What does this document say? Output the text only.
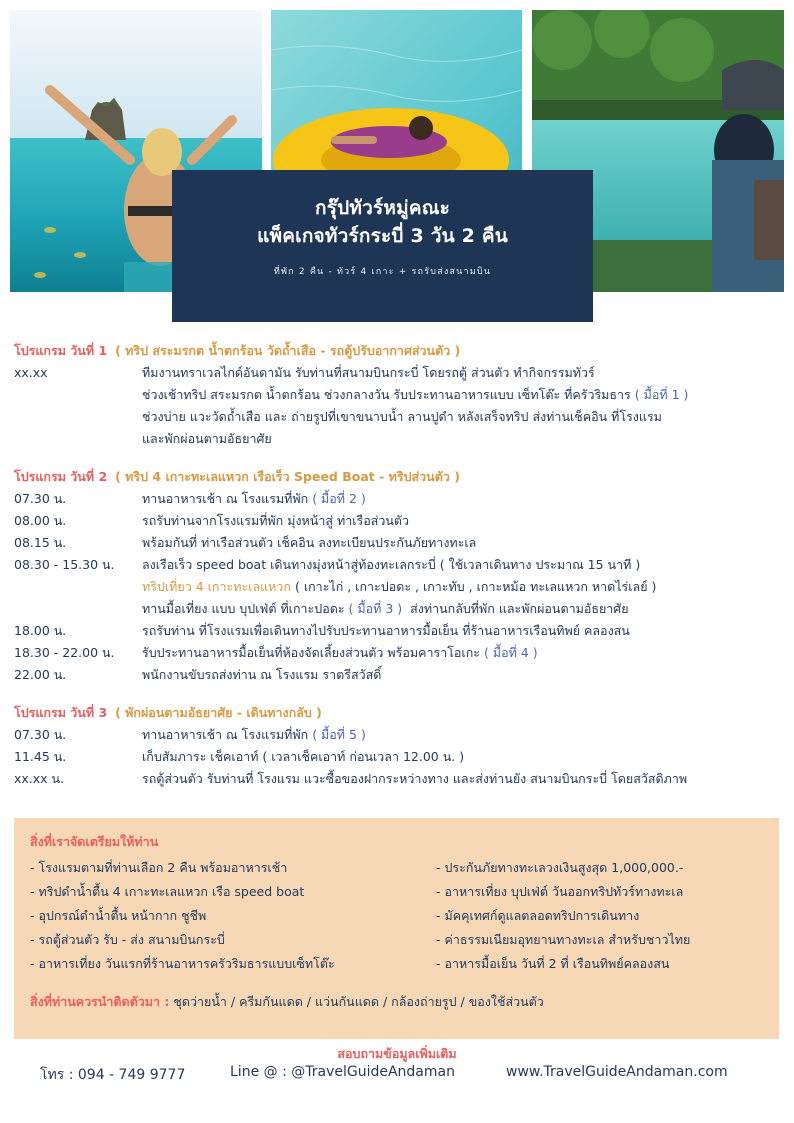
กรุ๊ปทัวร์หมู่คณะ
แพ็คเกจทัวร์กระบี่ 3 วัน 2 คืน
ที่พัก 2 คืน - ทัวร์ 4 เกาะ + รถรับส่งสนามบิน
โปรแกรม วันที่ 1 ( ทริป สระมรกต น้ำตกร้อน วัดถ้ำเสือ - รถตู้ปรับอากาศส่วนตัว )
xx.xx	ทีมงานทราเวลไกด์อันดามัน รับท่านที่สนามบินกระบี่ โดยรถตู้ ส่วนตัว ทำกิจกรรมทัวร์
ช่วงเช้าทริป สระมรกต น้ำตกร้อน ช่วงกลางวัน รับประทานอาหารแบบ เซ็ทโต๊ะ ที่ครัวริมธาร ( มื้อที่ 1 )
ช่วงบ่าย แวะวัดถ้ำเสือ และ ถ่ายรูปที่เขาขนาบน้ำ ลานปูดำ หลังเสร็จทริป ส่งท่านเช็คอิน ที่โรงแรม
และพักผ่อนตามอัธยาศัย
โปรแกรม วันที่ 2 ( ทริป 4 เกาะทะเลแหวก เรือเร็ว Speed Boat - ทริปส่วนตัว )
07.30 น.	ทานอาหารเช้า ณ โรงแรมที่พัก ( มื้อที่ 2 )
08.00 น.	รถรับท่านจากโรงแรมที่พัก มุ่งหน้าสู่ ท่าเรือส่วนตัว
08.15 น.	พร้อมกันที่ ท่าเรือส่วนตัว เช็คอิน ลงทะเบียนประกันภัยทางทะเล
08.30 - 15.30 น.	ลงเรือเร็ว speed boat เดินทางมุ่งหน้าสู่ท้องทะเลกระบี่ ( ใช้เวลาเดินทาง ประมาณ 15 นาที )
ทริปเที่ยว 4 เกาะทะเลแหวก ( เกาะไก่ , เกาะปอดะ , เกาะทับ , เกาะหม้อ ทะเลแหวก หาดไร่เลย์ )
ทานมื้อเที่ยง แบบ บุปเฟ่ต์ ที่เกาะปอดะ ( มื้อที่ 3 ) ส่งท่านกลับที่พัก และพักผ่อนตามอัธยาศัย
18.00 น.	รถรับท่าน ที่โรงแรมเพื่อเดินทางไปรับประทานอาหารมื้อเย็น ที่ร้านอาหารเรือนทิพย์ คลองสน
18.30 - 22.00 น.	รับประทานอาหารมื้อเย็นที่ห้องจัดเลี้ยงส่วนตัว พร้อมคาราโอเกะ ( มื้อที่ 4 )
22.00 น.	พนักงานขับรถส่งท่าน ณ โรงแรม ราตรีสวัสดิ์
โปรแกรม วันที่ 3 ( พักผ่อนตามอัธยาศัย - เดินทางกลับ )
07.30 น.	ทานอาหารเช้า ณ โรงแรมที่พัก ( มื้อที่ 5 )
11.45 น.	เก็บสัมภาระ เช็คเอาท์ ( เวลาเช็คเอาท์ ก่อนเวลา 12.00 น. )
xx.xx น.	รถตู้ส่วนตัว รับท่านที่ โรงแรม แวะซื้อของฝากระหว่างทาง และส่งท่านยัง สนามบินกระบี่ โดยสวัสดิภาพ
สิ่งที่เราจัดเตรียมให้ท่าน
- โรงแรมตามที่ท่านเลือก 2 คืน พร้อมอาหารเช้า
- ทริปดำน้ำตื้น 4 เกาะทะเลแหวก เรือ speed boat
- อุปกรณ์ดำน้ำตื้น หน้ากาก ชูชีพ
- รถตู้ส่วนตัว รับ - ส่ง สนามบินกระบี่
- อาหารเที่ยง วันแรกที่ร้านอาหารครัวริมธารแบบเซ็ทโต๊ะ
- ประกันภัยทางทะเลวงเงินสูงสุด 1,000,000.-
- อาหารเที่ยง บุปเฟ่ต์ วันออกทริปทัวร์ทางทะเล
- มัคคุเทศก์ดูแลตลอดทริปการเดินทาง
- ค่าธรรมเนียมอุทยานทางทะเล สำหรับชาวไทย
- อาหารมื้อเย็น วันที่ 2 ที่ เรือนทิพย์คลองสน
สิ่งที่ท่านควรนำติดตัวมา : ชุดว่ายน้ำ / ครีมกันแดด / แว่นกันแดด / กล้องถ่ายรูป / ของใช้ส่วนตัว
สอบถามข้อมูลเพิ่มเติม
โทร : 094 - 749 9777	Line @ : @TravelGuideAndaman	www.TravelGuideAndaman.com
